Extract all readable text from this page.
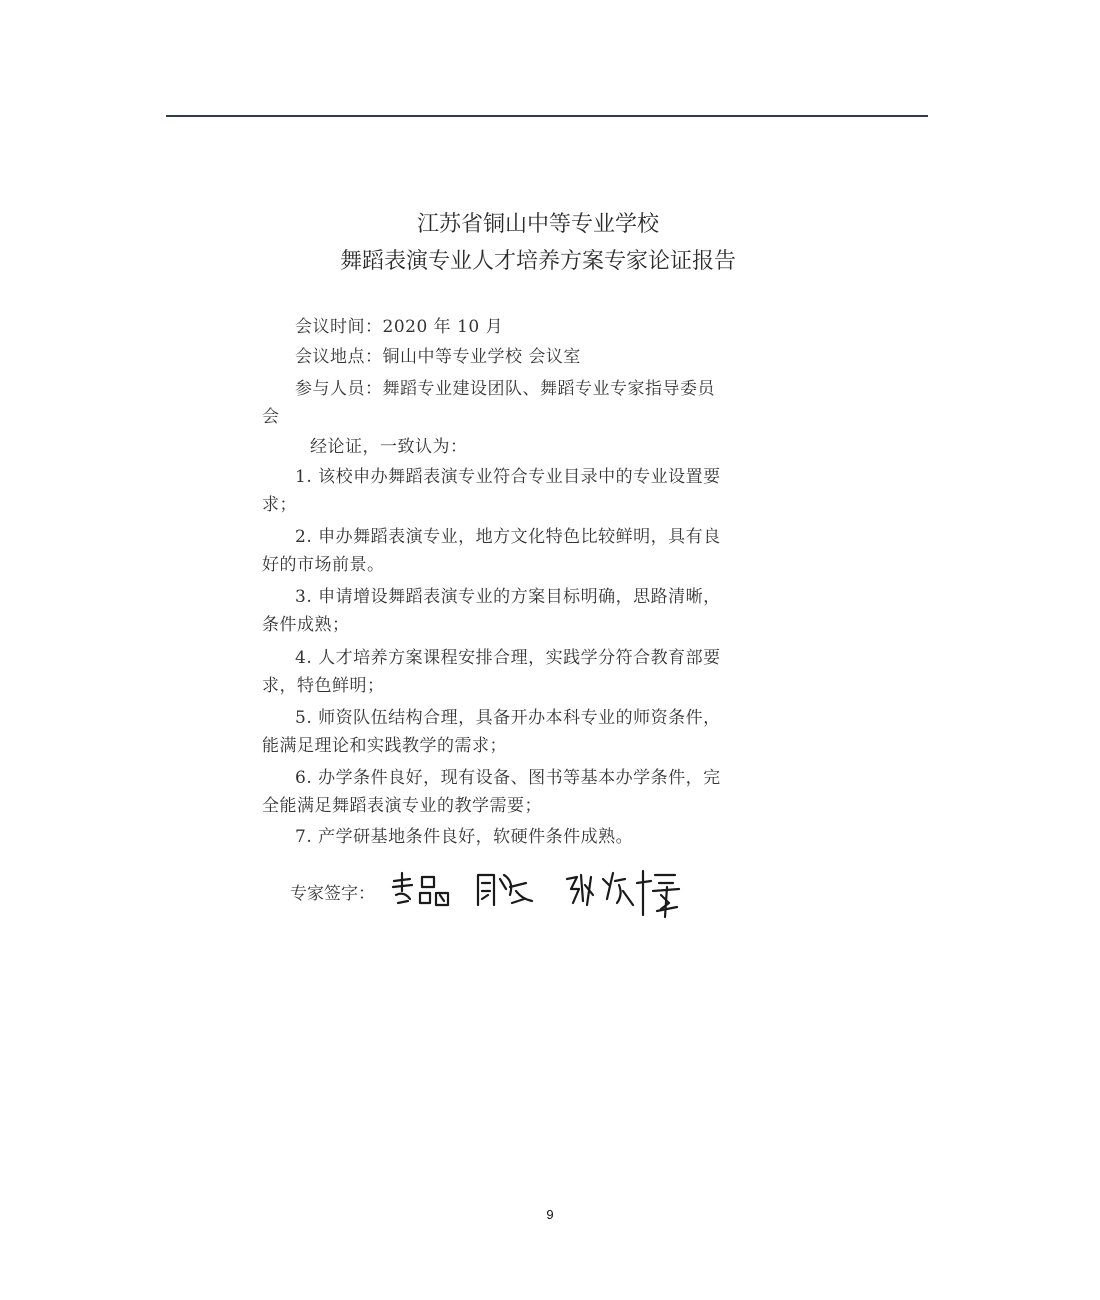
江苏省铜山中等专业学校
舞蹈表演专业人才培养方案专家论证报告
会议时间：2020 年 10 月
会议地点：铜山中等专业学校 会议室
参与人员：舞蹈专业建设团队、舞蹈专业专家指导委员
会
经论证，一致认为：
1. 该校申办舞蹈表演专业符合专业目录中的专业设置要
求；
2. 申办舞蹈表演专业，地方文化特色比较鲜明，具有良
好的市场前景。
3. 申请增设舞蹈表演专业的方案目标明确，思路清晰，
条件成熟；
4. 人才培养方案课程安排合理，实践学分符合教育部要
求，特色鲜明；
5. 师资队伍结构合理，具备开办本科专业的师资条件，
能满足理论和实践教学的需求；
6. 办学条件良好，现有设备、图书等基本办学条件，完
全能满足舞蹈表演专业的教学需要；
7. 产学研基地条件良好，软硬件条件成熟。
专家签字：
9
